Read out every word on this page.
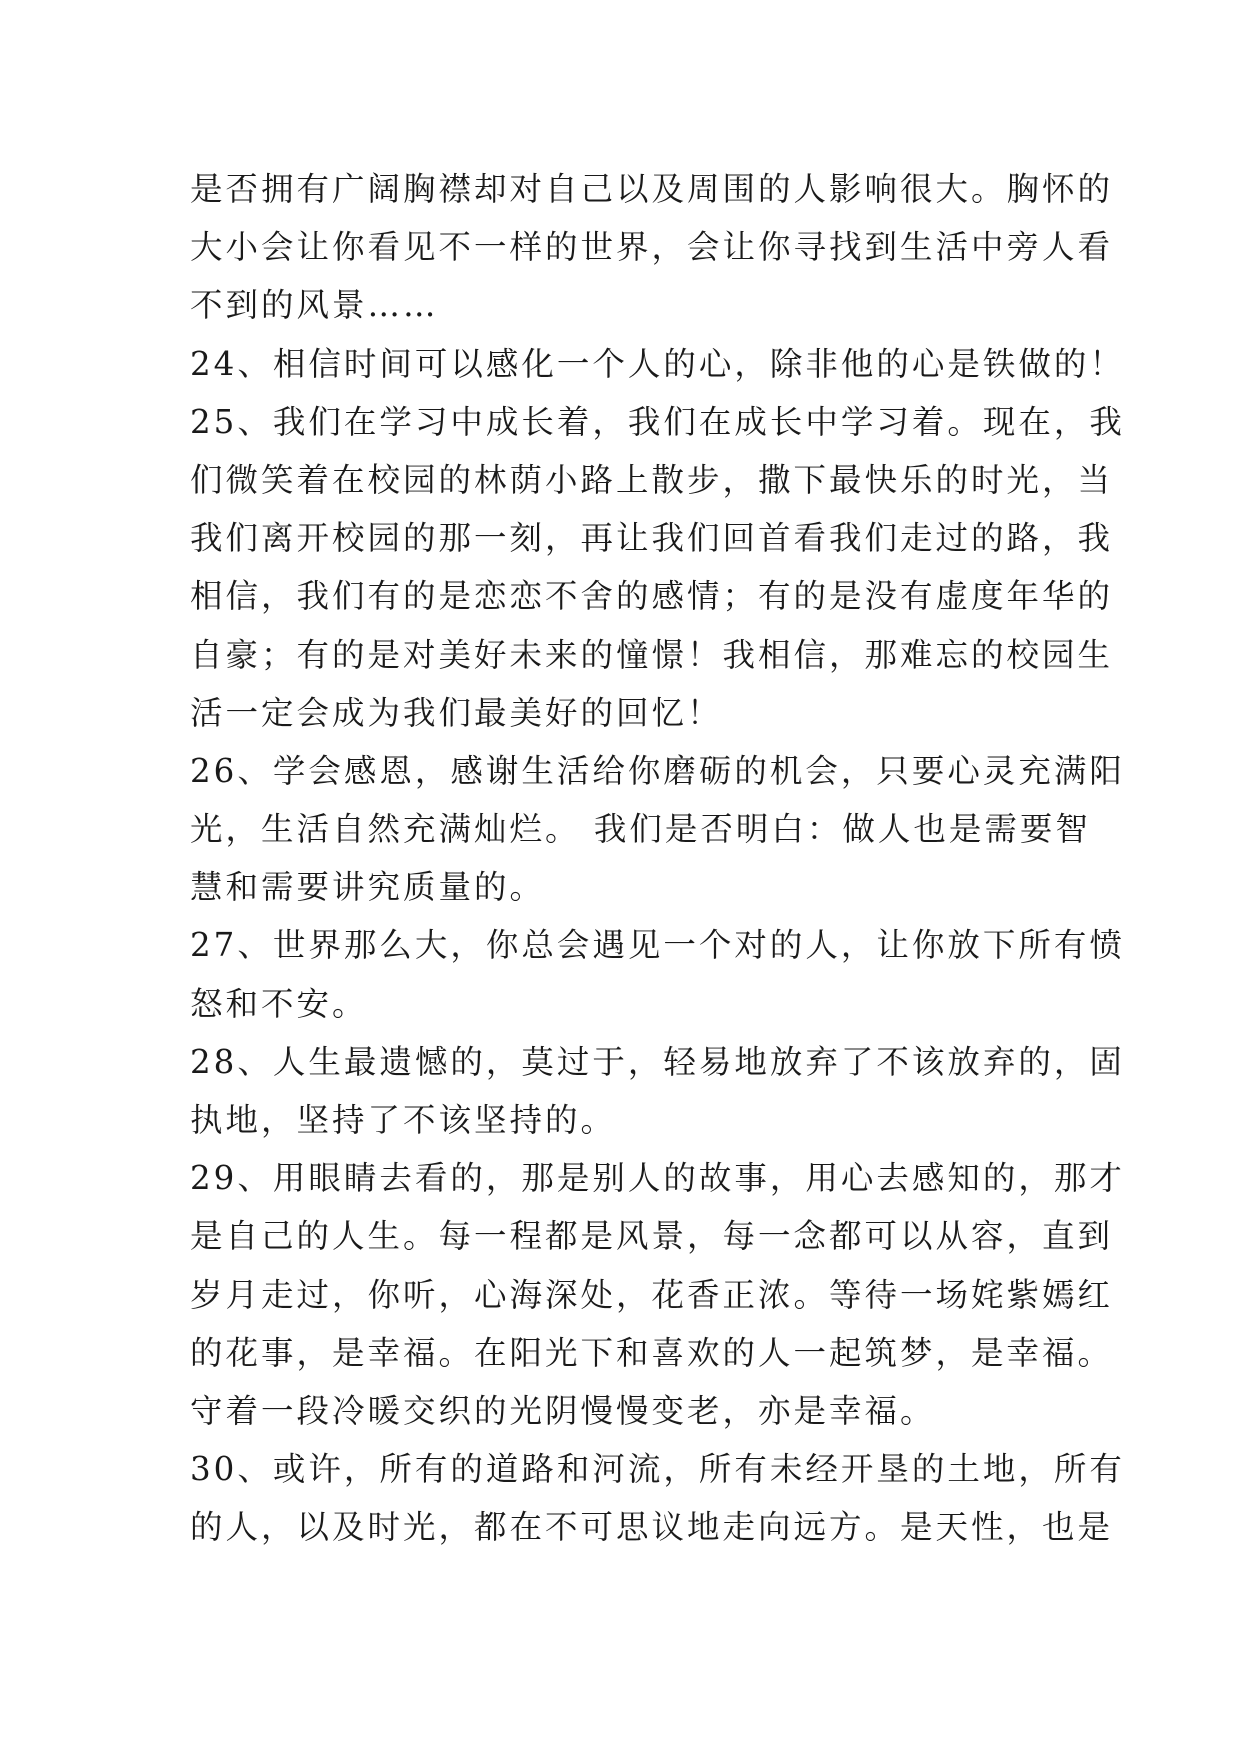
是否拥有广阔胸襟却对自己以及周围的人影响很大。胸怀的
大小会让你看见不一样的世界，会让你寻找到生活中旁人看
不到的风景……
24、相信时间可以感化一个人的心，除非他的心是铁做的！
25、我们在学习中成长着，我们在成长中学习着。现在，我
们微笑着在校园的林荫小路上散步，撒下最快乐的时光，当
我们离开校园的那一刻，再让我们回首看我们走过的路，我
相信，我们有的是恋恋不舍的感情；有的是没有虚度年华的
自豪；有的是对美好未来的憧憬！我相信，那难忘的校园生
活一定会成为我们最美好的回忆！
26、学会感恩，感谢生活给你磨砺的机会，只要心灵充满阳
光，生活自然充满灿烂。 我们是否明白：做人也是需要智
慧和需要讲究质量的。
27、世界那么大，你总会遇见一个对的人，让你放下所有愤
怒和不安。
28、人生最遗憾的，莫过于，轻易地放弃了不该放弃的，固
执地，坚持了不该坚持的。
29、用眼睛去看的，那是别人的故事，用心去感知的，那才
是自己的人生。每一程都是风景，每一念都可以从容，直到
岁月走过，你听，心海深处，花香正浓。等待一场姹紫嫣红
的花事，是幸福。在阳光下和喜欢的人一起筑梦，是幸福。
守着一段冷暖交织的光阴慢慢变老，亦是幸福。
30、或许，所有的道路和河流，所有未经开垦的土地，所有
的人，以及时光，都在不可思议地走向远方。是天性，也是
